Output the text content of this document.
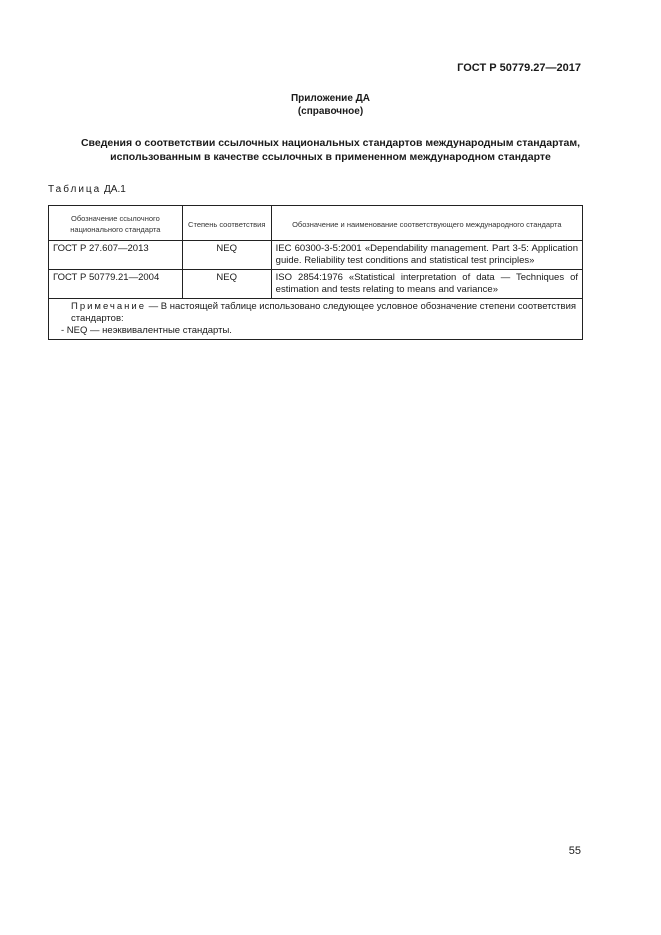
ГОСТ Р 50779.27—2017
Приложение ДА
(справочное)
Сведения о соответствии ссылочных национальных стандартов международным стандартам,
использованным в качестве ссылочных в примененном международном стандарте
Таблица ДА.1
Обозначение ссылочного национального стандарта	Степень соответствия	Обозначение и наименование соответствующего международного стандарта
ГОСТ Р 27.607—2013	NEQ	IEC 60300-3-5:2001 «Dependability management. Part 3-5: Application guide. Reliability test conditions and statistical test principles»
ГОСТ Р 50779.21—2004	NEQ	ISO 2854:1976 «Statistical interpretation of data — Techniques of estimation and tests relating to means and variance»

Примечание — В настоящей таблице использовано следующее условное обозначение степени соответствия стандартов:
- NEQ — неэквивалентные стандарты.		
55
